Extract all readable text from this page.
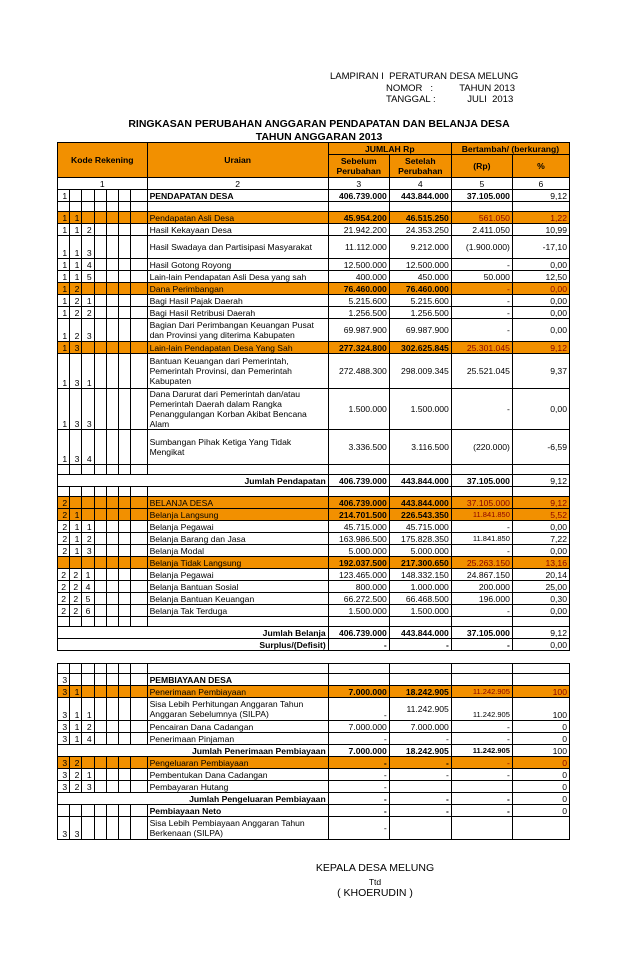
LAMPIRAN I  PERATURAN DESA MELUNG
NOMOR   :          TAHUN 2013
TANGGAL :            JULI  2013
RINGKASAN PERUBAHAN ANGGARAN PENDAPATAN DAN BELANJA DESA
TAHUN ANGGARAN 2013
Kode Rekening							Uraian	JUMLAH Rp		Bertambah/ (berkurang)	
								Sebelum Perubahan	Setelah Perubahan	(Rp)	%
1							2	3	4	5	6
1							PENDAPATAN DESA	406.739.000	443.844.000	37.105.000	9,12

1	1						Pendapatan Asli Desa	45.954.200	46.515.250	561.050	1,22
1	1	2					Hasil Kekayaan Desa	21.942.200	24.353.250	2.411.050	10,99
1	1	3					Hasil Swadaya dan Partisipasi Masyarakat	11.112.000	9.212.000	(1.900.000)	-17,10
1	1	4					Hasil Gotong Royong	12.500.000	12.500.000	-	0,00
1	1	5					Lain-lain Pendapatan Asli Desa yang sah	400.000	450.000	50.000	12,50
1	2						Dana Perimbangan	76.460.000	76.460.000	-	0,00
1	2	1					Bagi Hasil Pajak Daerah	5.215.600	5.215.600	-	0,00
1	2	2					Bagi Hasil Retribusi Daerah	1.256.500	1.256.500	-	0,00
1	2	3					Bagian Dari Perimbangan Keuangan Pusat dan Provinsi yang diterima Kabupaten	69.987.900	69.987.900	-	0,00
1	3						Lain-lain Pendapatan Desa Yang Sah	277.324.800	302.625.845	25.301.045	9,12
1	3	1					Bantuan Keuangan dari Pemerintah, Pemerintah Provinsi, dan Pemerintah Kabupaten	272.488.300	298.009.345	25.521.045	9,37
1	3	3					Dana Darurat dari Pemerintah dan/atau Pemerintah Daerah dalam Rangka Penanggulangan Korban Akibat Bencana Alam	1.500.000	1.500.000	-	0,00
1	3	4					Sumbangan Pihak Ketiga Yang Tidak Mengikat	3.336.500	3.116.500	(220.000)	-6,59

Jumlah Pendapatan								406.739.000	443.844.000	37.105.000	9,12

2							BELANJA DESA	406.739.000	443.844.000	37.105.000	9,12
2	1						Belanja Langsung	214.701.500	226.543.350	11.841.850	5,52
2	1	1					Belanja Pegawai	45.715.000	45.715.000	-	0,00
2	1	2					Belanja Barang dan Jasa	163.986.500	175.828.350	11.841.850	7,22
2	1	3					Belanja Modal	5.000.000	5.000.000	-	0,00
							Belanja Tidak Langsung	192.037.500	217.300.650	25.263.150	13,16
2	2	1					Belanja Pegawai	123.465.000	148.332.150	24.867.150	20,14
2	2	4					Belanja Bantuan Sosial	800.000	1.000.000	200.000	25,00
2	2	5					Belanja Bantuan Keuangan	66.272.500	66.468.500	196.000	0,30
2	2	6					Belanja Tak Terduga	1.500.000	1.500.000	-	0,00

Jumlah Belanja								406.739.000	443.844.000	37.105.000	9,12
Surplus/(Defisit)								-	-	-	0,00

3							PEMBIAYAAN DESA				
3	1						Penerimaan Pembiayaan	7.000.000	18.242.905	11.242.905	100
3	1	1					Sisa Lebih Perhitungan Anggaran Tahun Anggaran Sebelumnya (SILPA)	-	11.242.905	11.242.905	100
3	1	2					Pencairan Dana Cadangan	7.000.000	7.000.000	-	0
3	1	4					Penerimaan Pinjaman	-	-	-	0
Jumlah Penerimaan Pembiayaan								7.000.000	18.242.905	11.242.905	100
3	2						Pengeluaran Pembiayaan	-	-	-	0
3	2	1					Pembentukan Dana Cadangan	-	-	-	0
3	2	3					Pembayaran Hutang	-			0
Jumlah Pengeluaran Pembiayaan								-	-	-	0
							Pembiayaan Neto	-	-	-	0
3	3						Sisa Lebih Pembiayaan Anggaran Tahun Berkenaan (SILPA)	-			
KEPALA DESA MELUNG
Ttd
( KHOERUDIN )
